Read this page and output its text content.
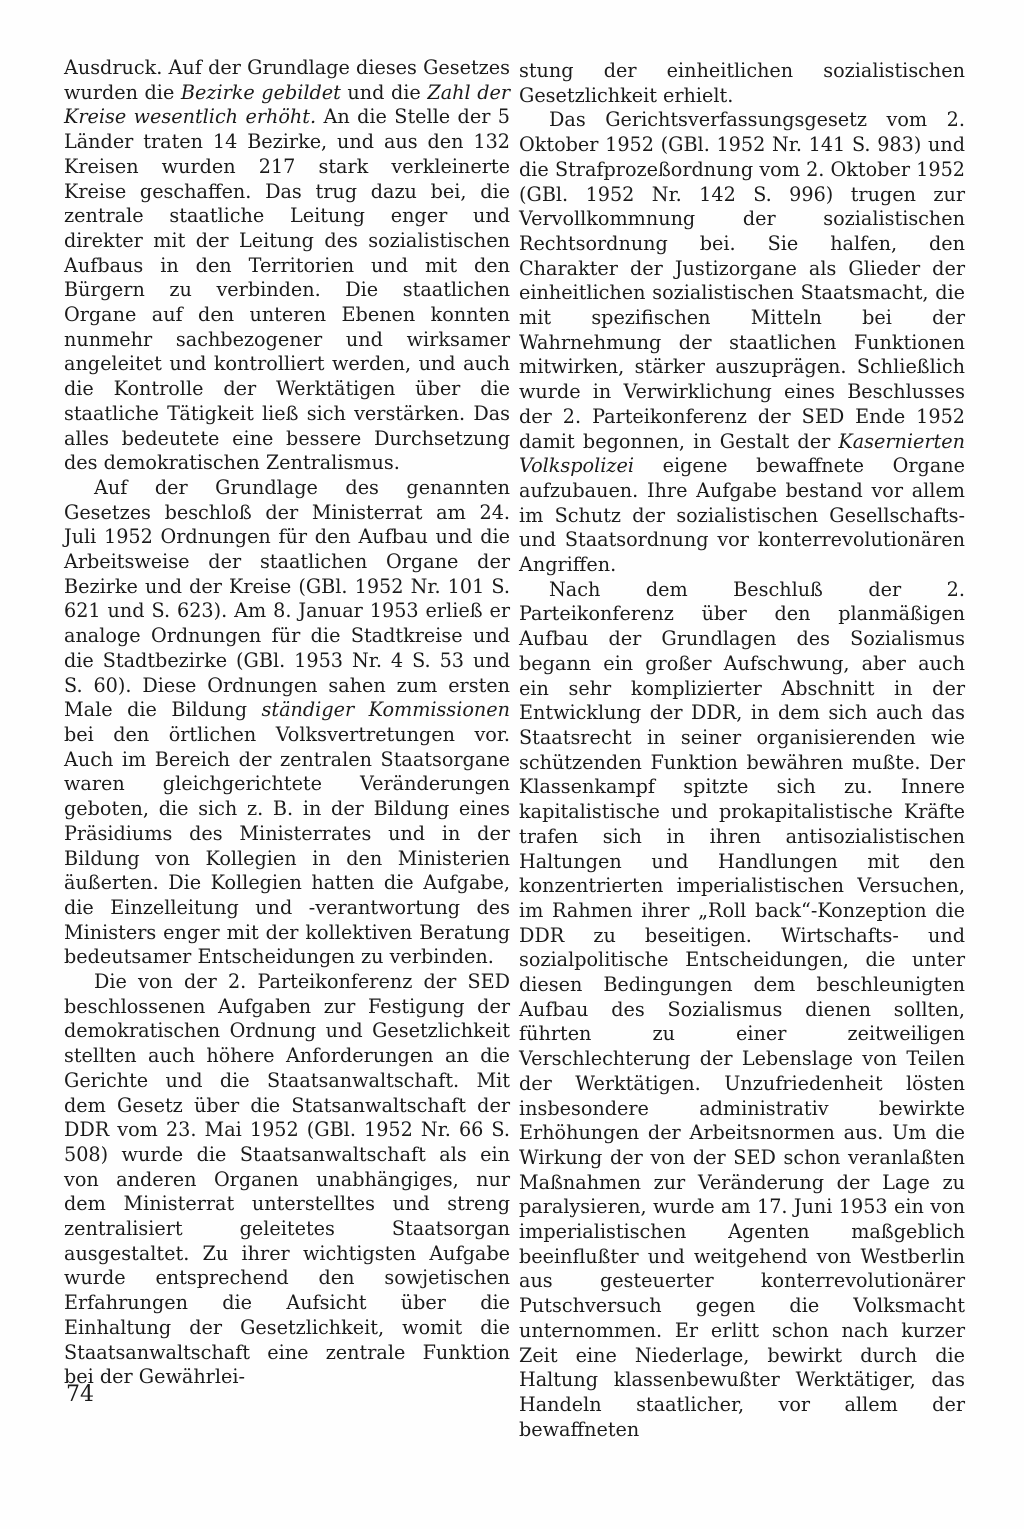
Ausdruck. Auf der Grundlage dieses Gesetzes wurden die Bezirke gebildet und die Zahl der Kreise wesentlich erhöht. An die Stelle der 5 Länder traten 14 Bezirke, und aus den 132 Kreisen wurden 217 stark verkleinerte Kreise geschaffen. Das trug dazu bei, die zentrale staatliche Leitung enger und direkter mit der Leitung des sozialistischen Aufbaus in den Territorien und mit den Bürgern zu verbinden. Die staatlichen Organe auf den unteren Ebenen konnten nunmehr sachbezogener und wirksamer angeleitet und kontrolliert werden, und auch die Kontrolle der Werktätigen über die staatliche Tätigkeit ließ sich verstärken. Das alles bedeutete eine bessere Durchsetzung des demokratischen Zentralismus.

Auf der Grundlage des genannten Gesetzes beschloß der Ministerrat am 24. Juli 1952 Ordnungen für den Aufbau und die Arbeitsweise der staatlichen Organe der Bezirke und der Kreise (GBl. 1952 Nr. 101 S. 621 und S. 623). Am 8. Januar 1953 erließ er analoge Ordnungen für die Stadtkreise und die Stadtbezirke (GBl. 1953 Nr. 4 S. 53 und S. 60). Diese Ordnungen sahen zum ersten Male die Bildung ständiger Kommissionen bei den örtlichen Volksvertretungen vor. Auch im Bereich der zentralen Staatsorgane waren gleichgerichtete Veränderungen geboten, die sich z. B. in der Bildung eines Präsidiums des Ministerrates und in der Bildung von Kollegien in den Ministerien äußerten. Die Kollegien hatten die Aufgabe, die Einzelleitung und -verantwortung des Ministers enger mit der kollektiven Beratung bedeutsamer Entscheidungen zu verbinden.

Die von der 2. Parteikonferenz der SED beschlossenen Aufgaben zur Festigung der demokratischen Ordnung und Gesetzlichkeit stellten auch höhere Anforderungen an die Gerichte und die Staatsanwaltschaft. Mit dem Gesetz über die Statsanwaltschaft der DDR vom 23. Mai 1952 (GBl. 1952 Nr. 66 S. 508) wurde die Staatsanwaltschaft als ein von anderen Organen unabhängiges, nur dem Ministerrat unterstelltes und streng zentralisiert geleitetes Staatsorgan ausgestaltet. Zu ihrer wichtigsten Aufgabe wurde entsprechend den sowjetischen Erfahrungen die Aufsicht über die Einhaltung der Gesetzlichkeit, womit die Staatsanwaltschaft eine zentrale Funktion bei der Gewährlei-

stung der einheitlichen sozialistischen Gesetzlichkeit erhielt.

Das Gerichtsverfassungsgesetz vom 2. Oktober 1952 (GBl. 1952 Nr. 141 S. 983) und die Strafprozeßordnung vom 2. Oktober 1952 (GBl. 1952 Nr. 142 S. 996) trugen zur Vervollkommnung der sozialistischen Rechtsordnung bei. Sie halfen, den Charakter der Justizorgane als Glieder der einheitlichen sozialistischen Staatsmacht, die mit spezifischen Mitteln bei der Wahrnehmung der staatlichen Funktionen mitwirken, stärker auszuprägen. Schließlich wurde in Verwirklichung eines Beschlusses der 2. Parteikonferenz der SED Ende 1952 damit begonnen, in Gestalt der Kasernierten Volkspolizei eigene bewaffnete Organe aufzubauen. Ihre Aufgabe bestand vor allem im Schutz der sozialistischen Gesellschafts- und Staatsordnung vor konterrevolutionären Angriffen.

Nach dem Beschluß der 2. Parteikonferenz über den planmäßigen Aufbau der Grundlagen des Sozialismus begann ein großer Aufschwung, aber auch ein sehr komplizierter Abschnitt in der Entwicklung der DDR, in dem sich auch das Staatsrecht in seiner organisierenden wie schützenden Funktion bewähren mußte. Der Klassenkampf spitzte sich zu. Innere kapitalistische und prokapitalistische Kräfte trafen sich in ihren antisozialistischen Haltungen und Handlungen mit den konzentrierten imperialistischen Versuchen, im Rahmen ihrer „Roll back“-Konzeption die DDR zu beseitigen. Wirtschafts- und sozialpolitische Entscheidungen, die unter diesen Bedingungen dem beschleunigten Aufbau des Sozialismus dienen sollten, führten zu einer zeitweiligen Verschlechterung der Lebenslage von Teilen der Werktätigen. Unzufriedenheit lösten insbesondere administrativ bewirkte Erhöhungen der Arbeitsnormen aus. Um die Wirkung der von der SED schon veranlaßten Maßnahmen zur Veränderung der Lage zu paralysieren, wurde am 17. Juni 1953 ein von imperialistischen Agenten maßgeblich beeinflußter und weitgehend von Westberlin aus gesteuerter konterrevolutionärer Putschversuch gegen die Volksmacht unternommen. Er erlitt schon nach kurzer Zeit eine Niederlage, bewirkt durch die Haltung klassenbewußter Werktätiger, das Handeln staatlicher, vor allem der bewaffneten

74
